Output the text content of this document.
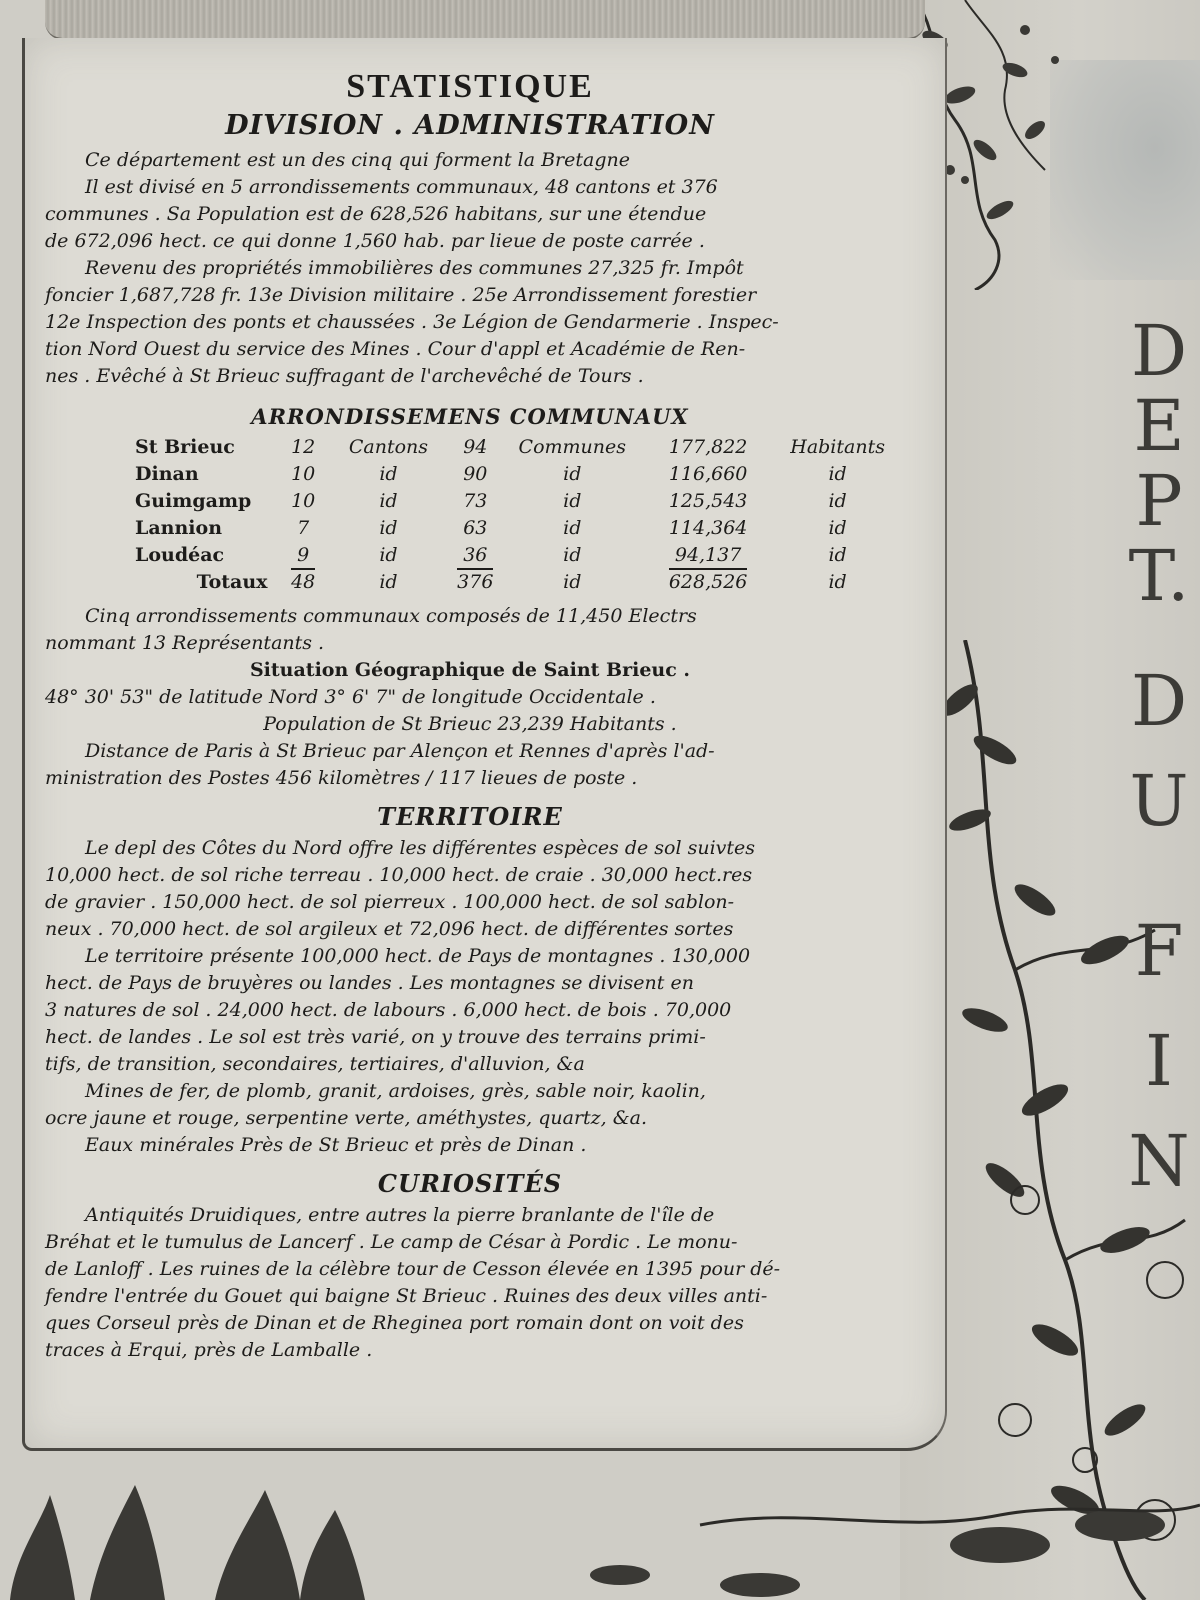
D
E
P
T.
D
U
F
I
N
STATISTIQUE
DIVISION . ADMINISTRATION
Ce département est un des cinq qui forment la Bretagne
Il est divisé en 5 arrondissements communaux, 48 cantons et 376
communes . Sa Population est de 628,526 habitans, sur une étendue
de 672,096 hect. ce qui donne 1,560 hab. par lieue de poste carrée .
Revenu des propriétés immobilières des communes 27,325 fr. Impôt
foncier 1,687,728 fr. 13e Division militaire . 25e Arrondissement forestier
12e Inspection des ponts et chaussées . 3e Légion de Gendarmerie . Inspec-
tion Nord Ouest du service des Mines . Cour d'appl et Académie de Ren-
nes . Evêché à St Brieuc suffragant de l'archevêché de Tours .
ARRONDISSEMENS COMMUNAUX
St Brieuc	12	Cantons	94	Communes	177,822	Habitants
Dinan	10	id	90	id	116,660	id
Guimgamp	10	id	73	id	125,543	id
Lannion	7	id	63	id	114,364	id
Loudéac	9	id	36	id	94,137	id
Totaux	48	id	376	id	628,526	id
Cinq arrondissements communaux composés de 11,450 Electrs
nommant 13 Représentants .
Situation Géographique de Saint Brieuc .
48° 30' 53" de latitude Nord 3° 6' 7" de longitude Occidentale .
Population de St Brieuc 23,239 Habitants .
Distance de Paris à St Brieuc par Alençon et Rennes d'après l'ad-
ministration des Postes 456 kilomètres / 117 lieues de poste .
TERRITOIRE
Le depl des Côtes du Nord offre les différentes espèces de sol suivtes
10,000 hect. de sol riche terreau . 10,000 hect. de craie . 30,000 hect.res
de gravier . 150,000 hect. de sol pierreux . 100,000 hect. de sol sablon-
neux . 70,000 hect. de sol argileux et 72,096 hect. de différentes sortes
Le territoire présente 100,000 hect. de Pays de montagnes . 130,000
hect. de Pays de bruyères ou landes . Les montagnes se divisent en
3 natures de sol . 24,000 hect. de labours . 6,000 hect. de bois . 70,000
hect. de landes . Le sol est très varié, on y trouve des terrains primi-
tifs, de transition, secondaires, tertiaires, d'alluvion, &a
Mines de fer, de plomb, granit, ardoises, grès, sable noir, kaolin,
ocre jaune et rouge, serpentine verte, améthystes, quartz, &a.
Eaux minérales Près de St Brieuc et près de Dinan .
CURIOSITÉS
Antiquités Druidiques, entre autres la pierre branlante de l'île de
Bréhat et le tumulus de Lancerf . Le camp de César à Pordic . Le monu-
de Lanloff . Les ruines de la célèbre tour de Cesson élevée en 1395 pour dé-
fendre l'entrée du Gouet qui baigne St Brieuc . Ruines des deux villes anti-
ques Corseul près de Dinan et de Rheginea port romain dont on voit des
traces à Erqui, près de Lamballe .
